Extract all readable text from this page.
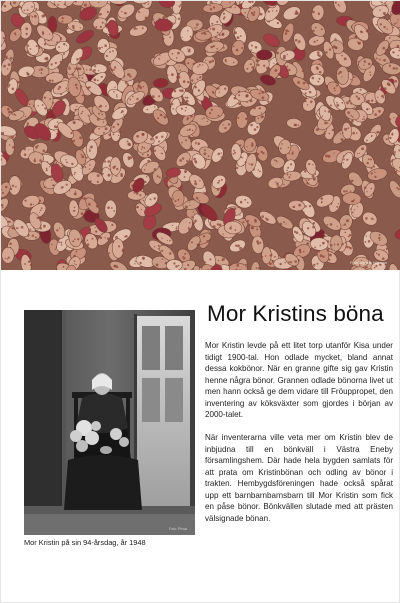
Foto: Agneta Hökman
Foto: Privat
Mor Kristin på sin 94-årsdag, år 1948
Mor Kristins böna

Mor Kristin levde på ett litet torp utanför Kisa under tidigt 1900-tal. Hon odlade mycket, bland annat dessa kokbönor. När en granne gifte sig gav Kristin henne några bönor. Grannen odlade bönorna livet ut men hann också ge dem vidare till Fröuppropet, den inventering av köksväxter som gjordes i början av 2000-talet.

När inventerarna ville veta mer om Kristin blev de inbjudna till en bönkväll i Västra Eneby församlingshem. Där hade hela bygden samlats för att prata om Kristinbönan och odling av bönor i trakten. Hembygdsföreningen hade också spårat upp ett barnbarnbarnsbarn till Mor Kristin som fick en påse bönor. Bönkvällen slutade med att prästen välsignade bönan.
